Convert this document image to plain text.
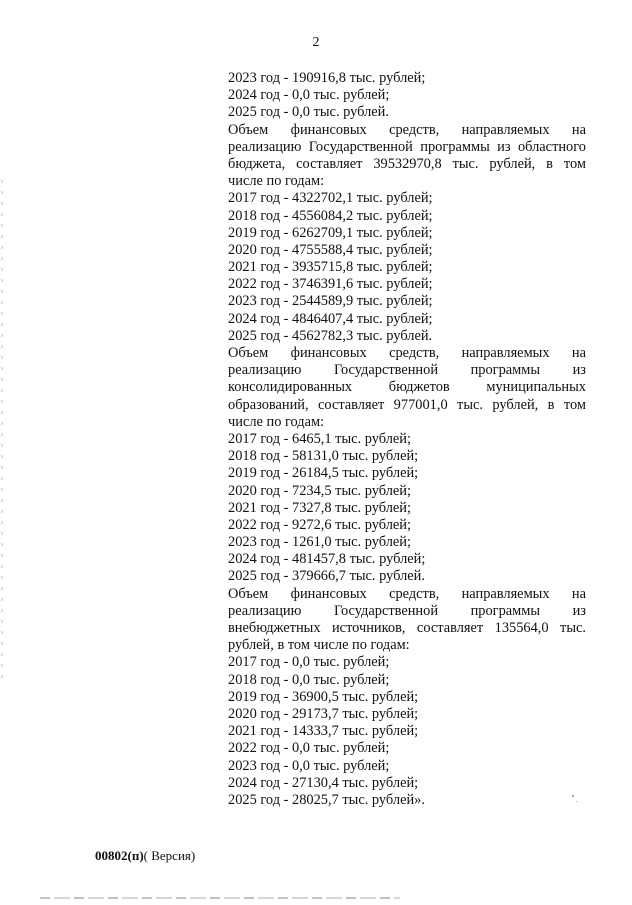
2
2023 год - 190916,8 тыс. рублей;
2024 год - 0,0 тыс. рублей;
2025 год - 0,0 тыс. рублей.
Объем финансовых средств, направляемых на
реализацию Государственной программы из областного
бюджета, составляет 39532970,8 тыс. рублей, в том
числе по годам:
2017 год - 4322702,1 тыс. рублей;
2018 год - 4556084,2 тыс. рублей;
2019 год - 6262709,1 тыс. рублей;
2020 год - 4755588,4 тыс. рублей;
2021 год - 3935715,8 тыс. рублей;
2022 год - 3746391,6 тыс. рублей;
2023 год - 2544589,9 тыс. рублей;
2024 год - 4846407,4 тыс. рублей;
2025 год - 4562782,3 тыс. рублей.
Объем финансовых средств, направляемых на
реализацию Государственной программы из
консолидированных бюджетов муниципальных
образований, составляет 977001,0 тыс. рублей, в том
числе по годам:
2017 год - 6465,1 тыс. рублей;
2018 год - 58131,0 тыс. рублей;
2019 год - 26184,5 тыс. рублей;
2020 год - 7234,5 тыс. рублей;
2021 год - 7327,8 тыс. рублей;
2022 год - 9272,6 тыс. рублей;
2023 год - 1261,0 тыс. рублей;
2024 год - 481457,8 тыс. рублей;
2025 год - 379666,7 тыс. рублей.
Объем финансовых средств, направляемых на
реализацию Государственной программы из
внебюджетных источников, составляет 135564,0 тыс.
рублей, в том числе по годам:
2017 год - 0,0 тыс. рублей;
2018 год - 0,0 тыс. рублей;
2019 год - 36900,5 тыс. рублей;
2020 год - 29173,7 тыс. рублей;
2021 год - 14333,7 тыс. рублей;
2022 год - 0,0 тыс. рублей;
2023 год - 0,0 тыс. рублей;
2024 год - 27130,4 тыс. рублей;
2025 год - 28025,7 тыс. рублей».
00802(п)( Версия)
